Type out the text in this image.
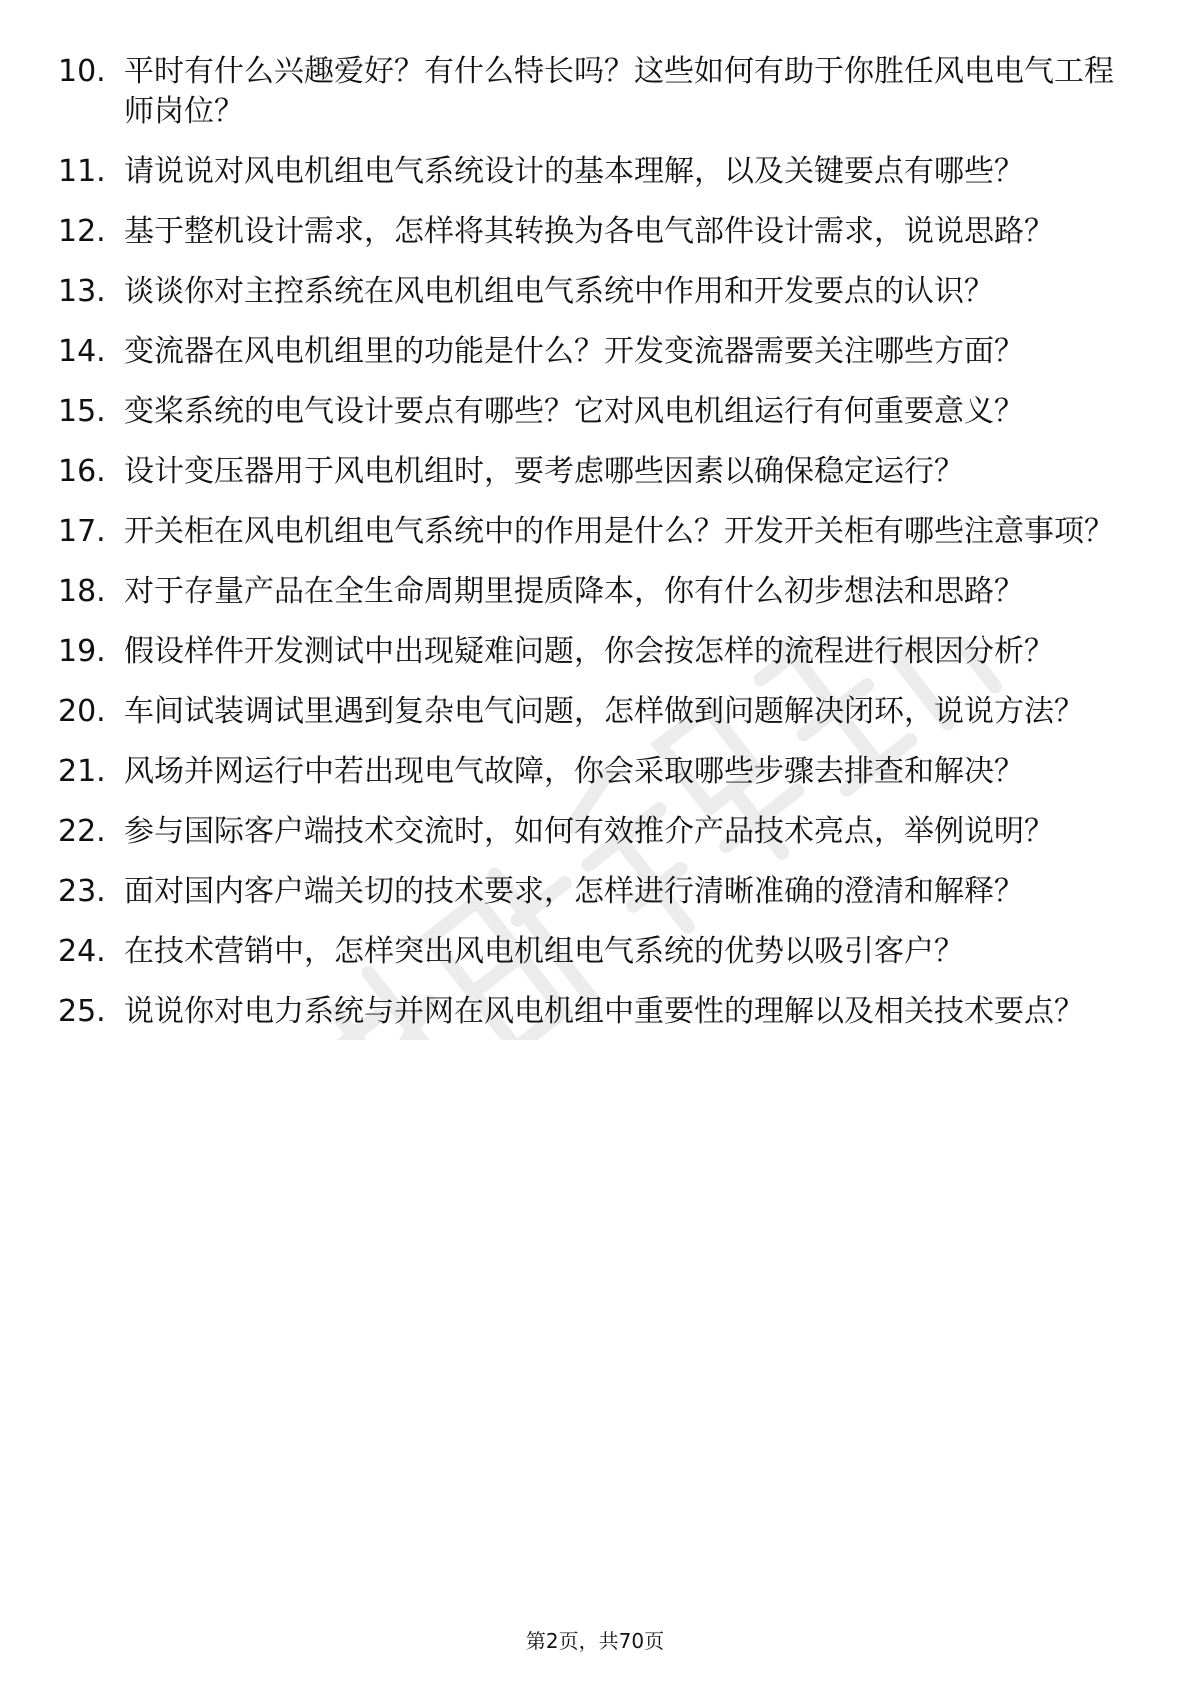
10. 平时有什么兴趣爱好？有什么特长吗？这些如何有助于你胜任风电电气工程师岗位？
11. 请说说对风电机组电气系统设计的基本理解，以及关键要点有哪些？
12. 基于整机设计需求，怎样将其转换为各电气部件设计需求，说说思路？
13. 谈谈你对主控系统在风电机组电气系统中作用和开发要点的认识？
14. 变流器在风电机组里的功能是什么？开发变流器需要关注哪些方面？
15. 变桨系统的电气设计要点有哪些？它对风电机组运行有何重要意义？
16. 设计变压器用于风电机组时，要考虑哪些因素以确保稳定运行？
17. 开关柜在风电机组电气系统中的作用是什么？开发开关柜有哪些注意事项？
18. 对于存量产品在全生命周期里提质降本，你有什么初步想法和思路？
19. 假设样件开发测试中出现疑难问题，你会按怎样的流程进行根因分析？
20. 车间试装调试里遇到复杂电气问题，怎样做到问题解决闭环，说说方法？
21. 风场并网运行中若出现电气故障，你会采取哪些步骤去排查和解决？
22. 参与国际客户端技术交流时，如何有效推介产品技术亮点，举例说明？
23. 面对国内客户端关切的技术要求，怎样进行清晰准确的澄清和解释？
24. 在技术营销中，怎样突出风电机组电气系统的优势以吸引客户？
25. 说说你对电力系统与并网在风电机组中重要性的理解以及相关技术要点？
第2页，共70页
